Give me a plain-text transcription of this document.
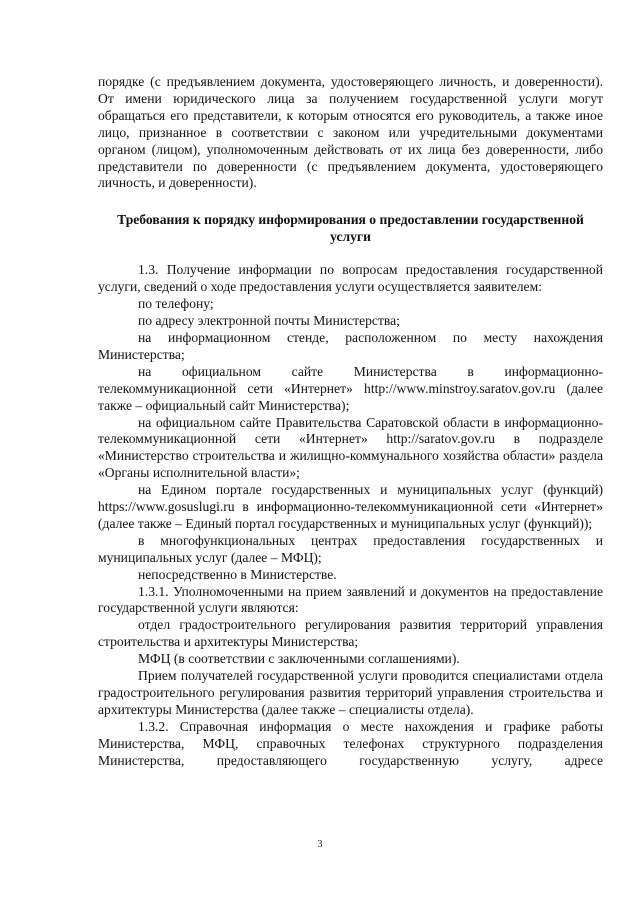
порядке (с предъявлением документа, удостоверяющего личность, и доверенности). От имени юридического лица за получением государственной услуги могут обращаться его представители, к которым относятся его руководитель, а также иное лицо, признанное в соответствии с законом или учредительными документами органом (лицом), уполномоченным действовать от их лица без доверенности, либо представители по доверенности (с предъявлением документа, удостоверяющего личность, и доверенности).

Требования к порядку информирования о предоставлении государственной услуги

1.3. Получение информации по вопросам предоставления государственной услуги, сведений о ходе предоставления услуги осуществляется заявителем:

по телефону;

по адресу электронной почты Министерства;

на информационном стенде, расположенном по месту нахождения Министерства;

на официальном сайте Министерства в информационно-телекоммуникационной сети «Интернет» http://www.minstroy.saratov.gov.ru (далее также – официальный сайт Министерства);

на официальном сайте Правительства Саратовской области в информационно-телекоммуникационной сети «Интернет» http://saratov.gov.ru в подразделе «Министерство строительства и жилищно-коммунального хозяйства области» раздела «Органы исполнительной власти»;

на Едином портале государственных и муниципальных услуг (функций) https://www.gosuslugi.ru в информационно-телекоммуникационной сети «Интернет» (далее также – Единый портал государственных и муниципальных услуг (функций));

в многофункциональных центрах предоставления государственных и муниципальных услуг (далее – МФЦ);

непосредственно в Министерстве.

1.3.1. Уполномоченными на прием заявлений и документов на предоставление государственной услуги являются:

отдел градостроительного регулирования развития территорий управления строительства и архитектуры Министерства;

МФЦ (в соответствии с заключенными соглашениями).

Прием получателей государственной услуги проводится специалистами отдела градостроительного регулирования развития территорий управления строительства и архитектуры Министерства (далее также – специалисты отдела).

1.3.2. Справочная информация о месте нахождения и графике работы Министерства, МФЦ, справочных телефонах структурного подразделения Министерства, предоставляющего государственную услугу, адресе

3
